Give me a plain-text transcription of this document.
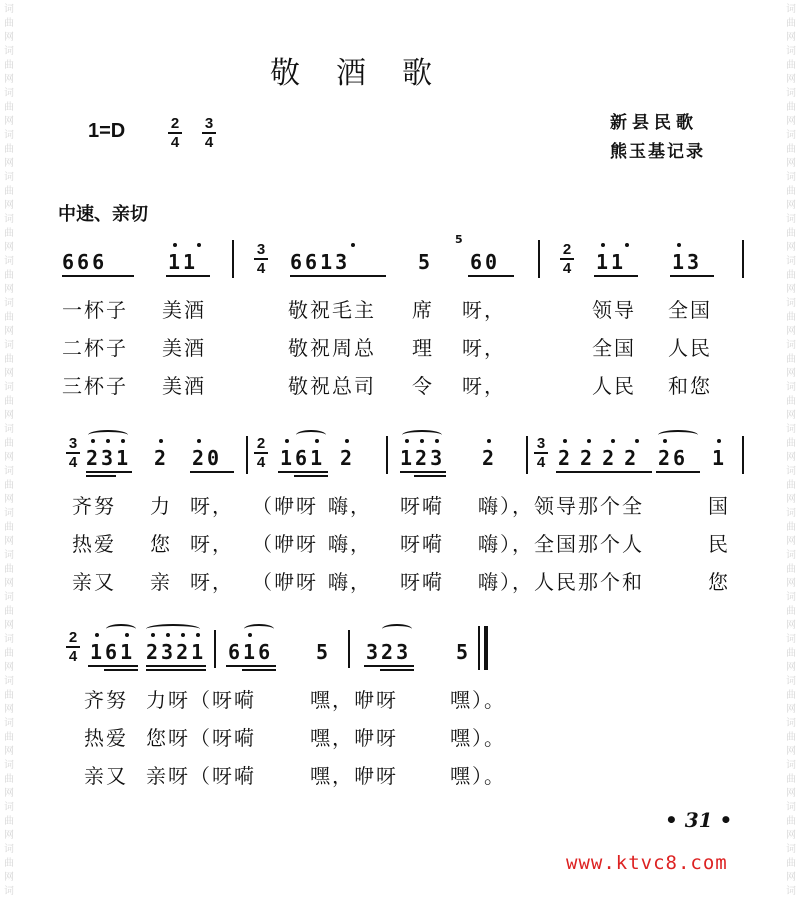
词
曲
网
词
曲
网
词
曲
网
词
曲
网
词
曲
网
词
曲
网
词
曲
网
词
曲
网
词
曲
网
词
曲
网
词
曲
网
词
曲
网
词
曲
网
词
曲
网
词
曲
网
词
曲
网
词
曲
网
词
曲
网
词
曲
网
词
曲
网
词
曲
网
词
词
曲
网
词
曲
网
词
曲
网
词
曲
网
词
曲
网
词
曲
网
词
曲
网
词
曲
网
词
曲
网
词
曲
网
词
曲
网
词
曲
网
词
曲
网
词
曲
网
词
曲
网
词
曲
网
词
曲
网
词
曲
网
词
曲
网
词
曲
网
词
曲
网
词
敬酒歌
新县民歌
熊玉基记录
1=D	2
4
3
4
中速、亲切
666	11
3
4 6613	5
5
60
2
4 11 13
一杯子 美酒	敬祝毛主 席 呀，	领导 全国
二杯子 美酒	敬祝周总 理 呀，	全国 人民
三杯子 美酒	敬祝总司 令 呀，	人民 和您
3
4 231 2 20
2
4 161 2 123 2
3
4 2222 26 1
齐努 力 呀， （咿呀 嗨， 呀嗬 嗨），领导那个全	国
热爱 您 呀， （咿呀 嗨， 呀嗬 嗨），全国那个人	民
亲又 亲 呀， （咿呀 嗨， 呀嗬 嗨），人民那个和	您
2
4 161 2321 616 5 323 5
齐努 力呀（呀嗬	嘿，咿呀	嘿）。
热爱 您呀（呀嗬	嘿，咿呀	嘿）。
亲又 亲呀（呀嗬	嘿，咿呀	嘿）。
• 31 •
www.ktvc8.com
